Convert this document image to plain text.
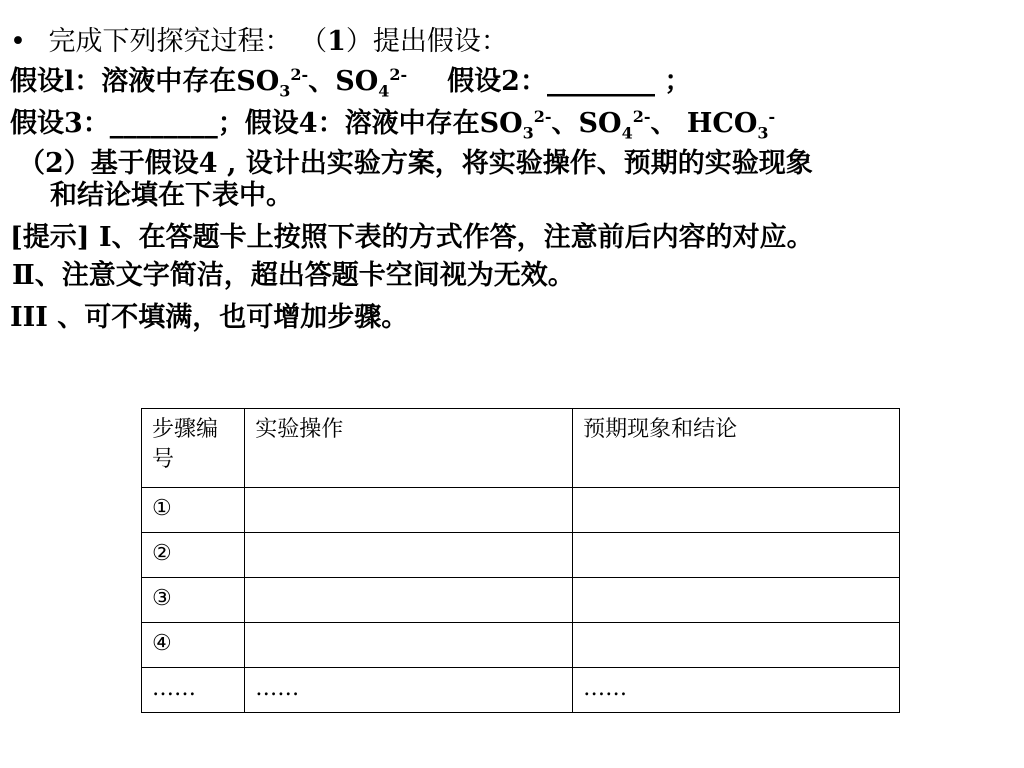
• 完成下列探究过程： （1）提出假设：
假设l：溶液中存在$SO_3^{2-}$、$SO_4^{2-}$ 假设2：________ ；
假设3：________；假设4：溶液中存在$SO_3^{2-}$、$SO_4^{2-}$、 $HCO_3^-$
（2）基于假设4 , 设计出实验方案，将实验操作、预期的实验现象
和结论填在下表中。
[提示] I、在答题卡上按照下表的方式作答，注意前后内容的对应。
Ⅱ、注意文字简洁，超出答题卡空间视为无效。
III 、可不填满，也可增加步骤。
步骤编号	实验操作	预期现象和结论
①		
②		
③		
④		
……	……	……
